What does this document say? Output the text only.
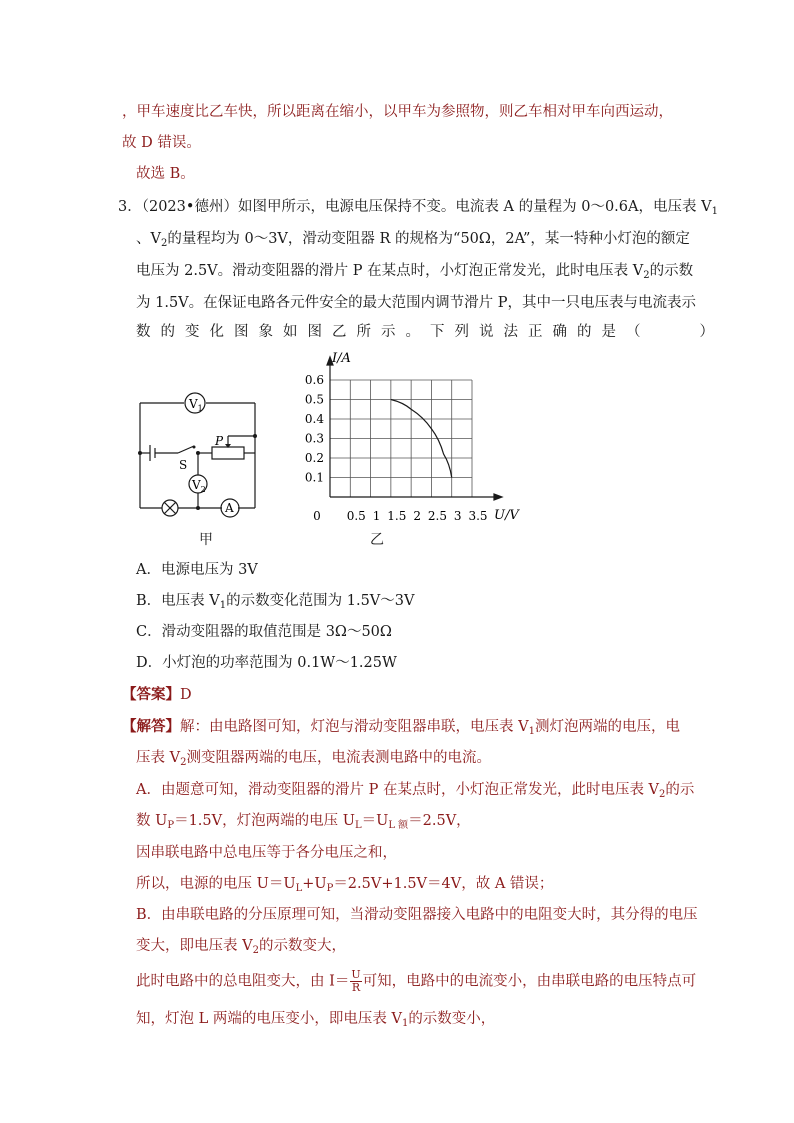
，甲车速度比乙车快，所以距离在缩小，以甲车为参照物，则乙车相对甲车向西运动，
故 D 错误。
故选 B。
3．（2023•德州）如图甲所示，电源电压保持不变。电流表 A 的量程为 0～0.6A，电压表 $V_1$
、$V_2$的量程均为 0～3V，滑动变阻器 R 的规格为“50Ω，2A”，某一特种小灯泡的额定
电压为 2.5V。滑动变阻器的滑片 P 在某点时，小灯泡正常发光，此时电压表 $V_2$的示数
为 1.5V。在保证电路各元件安全的最大范围内调节滑片 P，其中一只电压表与电流表示
数的变化图象如图乙所示。下列说法正确的是（　　）
$V_1$
$V_2$
A
P
S
甲
0 0.5 1 1.5 2 2.5 3 3.5
0.1
0.2
0.3
0.4
0.5
0.6
I/A
U/V
乙
A．电源电压为 3V
B．电压表 $V_1$的示数变化范围为 1.5V～3V
C．滑动变阻器的取值范围是 3Ω～50Ω
D．小灯泡的功率范围为 0.1W～1.25W
【答案】D
【解答】解：由电路图可知，灯泡与滑动变阻器串联，电压表 $V_1$测灯泡两端的电压，电
压表 $V_2$测变阻器两端的电压，电流表测电路中的电流。
A．由题意可知，滑动变阻器的滑片 P 在某点时，小灯泡正常发光，此时电压表 $V_2$的示
数 $U_P=1.5V$，灯泡两端的电压 $U_L=U_{L 额}=2.5V$，
因串联电路中总电压等于各分电压之和，
所以，电源的电压 $U=U_L+U_P=2.5V+1.5V=4V$，故 A 错误；
B．由串联电路的分压原理可知，当滑动变阻器接入电路中的电阻变大时，其分得的电压
变大，即电压表 $V_2$的示数变大，
此时电路中的总电阻变大，由 $I= \frac{U}{R}$ 可知，电路中的电流变小，由串联电路的电压特点可
知，灯泡 L 两端的电压变小，即电压表 $V_1$的示数变小，
